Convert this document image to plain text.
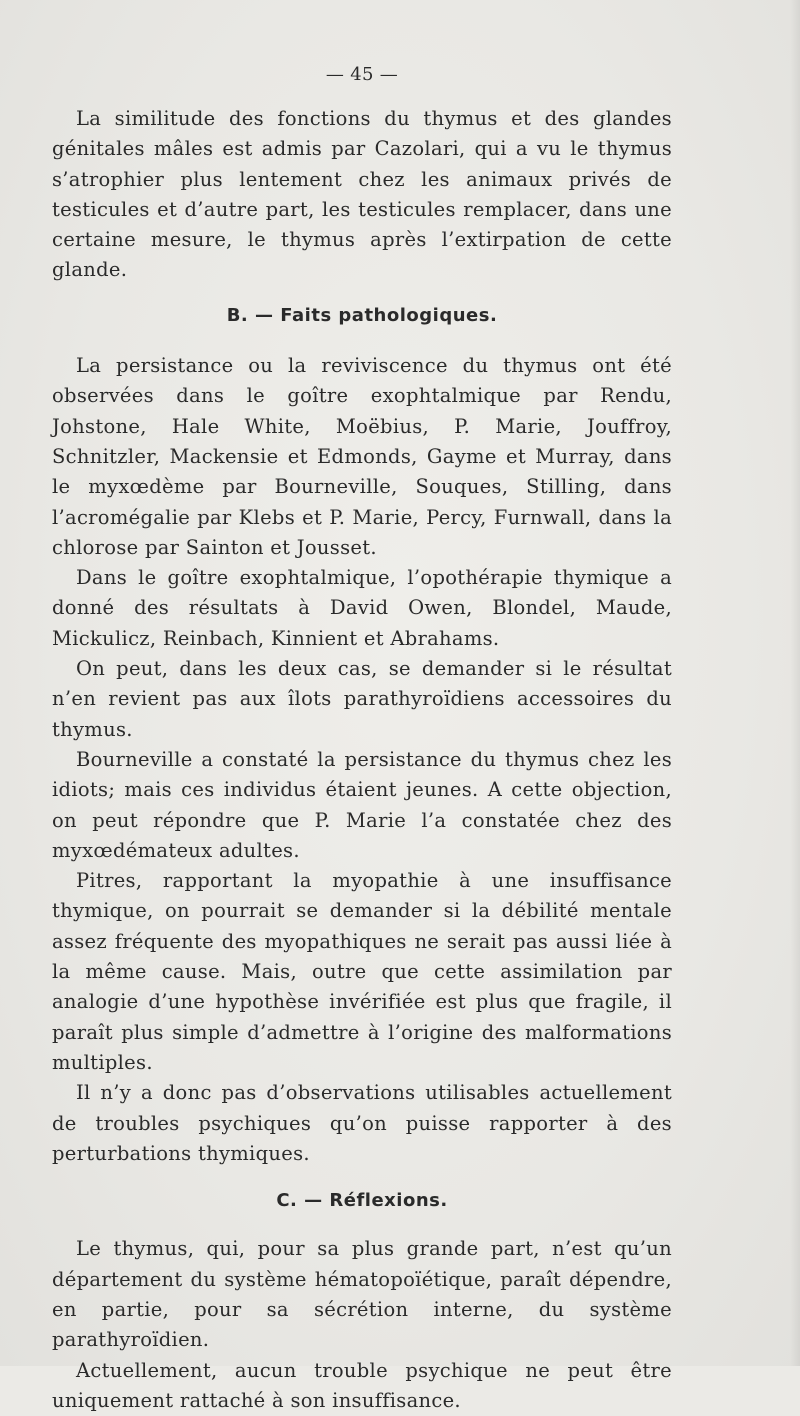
— 45 —

La similitude des fonctions du thymus et des glandes génitales mâles est admis par Cazolari, qui a vu le thymus s’atrophier plus lentement chez les animaux privés de testicules et d’autre part, les testicules remplacer, dans une certaine mesure, le thymus après l’extirpation de cette glande.

B. — Faits pathologiques.

La persistance ou la reviviscence du thymus ont été observées dans le goître exophtalmique par Rendu, Johstone, Hale White, Moëbius, P. Marie, Jouffroy, Schnitzler, Mackensie et Edmonds, Gayme et Murray, dans le myxœdème par Bourneville, Souques, Stilling, dans l’acromégalie par Klebs et P. Marie, Percy, Furnwall, dans la chlorose par Sainton et Jousset.

Dans le goître exophtalmique, l’opothérapie thymique a donné des résultats à David Owen, Blondel, Maude, Mickulicz, Reinbach, Kinnient et Abrahams.

On peut, dans les deux cas, se demander si le résultat n’en revient pas aux îlots parathyroïdiens accessoires du thymus.

Bourneville a constaté la persistance du thymus chez les idiots; mais ces individus étaient jeunes. A cette objection, on peut répondre que P. Marie l’a constatée chez des myxœdémateux adultes.

Pitres, rapportant la myopathie à une insuffisance thymique, on pourrait se demander si la débilité mentale assez fréquente des myopathiques ne serait pas aussi liée à la même cause. Mais, outre que cette assimilation par analogie d’une hypothèse invérifiée est plus que fragile, il paraît plus simple d’admettre à l’origine des malformations multiples.

Il n’y a donc pas d’observations utilisables actuellement de troubles psychiques qu’on puisse rapporter à des perturbations thymiques.

C. — Réflexions.

Le thymus, qui, pour sa plus grande part, n’est qu’un département du système hématopoïétique, paraît dépendre, en partie, pour sa sécrétion interne, du système parathyroïdien.

Actuellement, aucun trouble psychique ne peut être uniquement rattaché à son insuffisance.
